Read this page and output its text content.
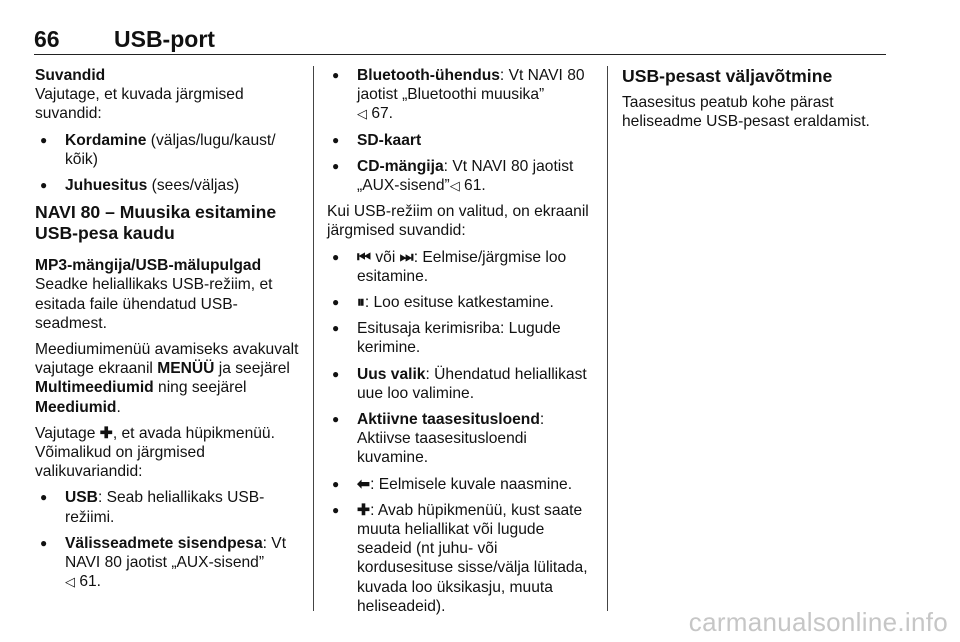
66 USB-port
Suvandid

Vajutage, et kuvada järgmised suvandid:

● Kordamine (väljas/lugu/kaust/ kõik)
● Juhuesitus (sees/väljas)
NAVI 80 – Muusika esitamine USB-pesa kaudu
MP3-mängija/USB-mälupulgad

Seadke heliallikaks USB-režiim, et esitada faile ühendatud USB-seadmest.

Meediumimenüü avamiseks avakuvalt vajutage ekraanil MENÜÜ ja seejärel Multimeediumid ning seejärel Meediumid.

Vajutage ✚, et avada hüpikmenüü. Võimalikud on järgmised valikuvariandid:

● USB: Seab heliallikaks USB-režiimi.
● Välisseadmete sisendpesa: Vt NAVI 80 jaotist „AUX-sisend”
◁ 61.
● Bluetooth-ühendus: Vt NAVI 80 jaotist „Bluetoothi muusika”
◁ 67.
● SD-kaart
● CD-mängija: Vt NAVI 80 jaotist „AUX-sisend”◁ 61.

Kui USB-režiim on valitud, on ekraanil järgmised suvandid:

● ⏮ või ⏭: Eelmise/järgmise loo esitamine.
● ⏸: Loo esituse katkestamine.
● Esitusaja kerimisriba: Lugude kerimine.
● Uus valik: Ühendatud heliallikast uue loo valimine.
● Aktiivne taasesitusloend: Aktiivse taasesitusloendi kuvamine.
● ⬅: Eelmisele kuvale naasmine.
● ✚: Avab hüpikmenüü, kust saate muuta heliallikat või lugude seadeid (nt juhu- või kordusesituse sisse/välja lülitada, kuvada loo üksikasju, muuta heliseadeid).
USB-pesast väljavõtmine

Taasesitus peatub kohe pärast heliseadme USB-pesast eraldamist.

carmanualsonline.info
